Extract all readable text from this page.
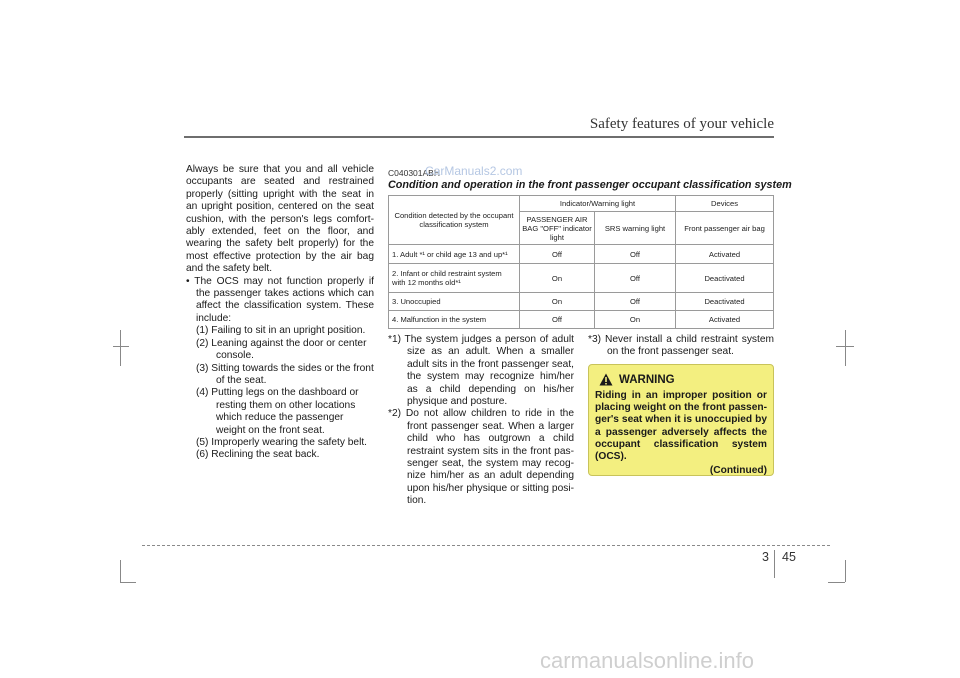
Safety features of your vehicle

Always be sure that you and all vehicle occupants are seated and restrained properly (sitting upright with the seat in an upright position, centered on the seat cushion, with the person's legs comfort-ably extended, feet on the floor, and wearing the safety belt properly) for the most effective protection by the air bag and the safety belt.

• The OCS may not function properly if the passenger takes actions which can affect the classification system. These include:

(1) Failing to sit in an upright position.
(2) Leaning against the door or center console.
(3) Sitting towards the sides or the front of the seat.
(4) Putting legs on the dashboard or resting them on other locations which reduce the passenger weight on the front seat.
(5) Improperly wearing the safety belt.
(6) Reclining the seat back.
C040301ABH
CarManuals2.com
Condition and operation in the front passenger occupant classification system
Condition detected by the occupant classification system	Indicator/Warning light		Devices
	PASSENGER AIR BAG "OFF" indicator light	SRS warning light	Front passenger air bag
1. Adult *¹ or child age 13 and up*¹	Off	Off	Activated
2. Infant or child restraint system with 12 months old*¹	On	Off	Deactivated
3. Unoccupied	On	Off	Deactivated
4. Malfunction in the system	Off	On	Activated

*1) The system judges a person of adult size as an adult. When a smaller adult sits in the front passenger seat, the system may recognize him/her as a child depending on his/her physique and posture.

*2) Do not allow children to ride in the front passenger seat. When a larger child who has outgrown a child restraint system sits in the front pas-senger seat, the system may recog-nize him/her as an adult depending upon his/her physique or sitting posi-tion.

*3) Never install a child restraint system on the front passenger seat.

WARNING
Riding in an improper position or placing weight on the front passen-ger's seat when it is unoccupied by a passenger adversely affects the occupant classification system (OCS).
(Continued)
3 45
carmanualsonline.info
